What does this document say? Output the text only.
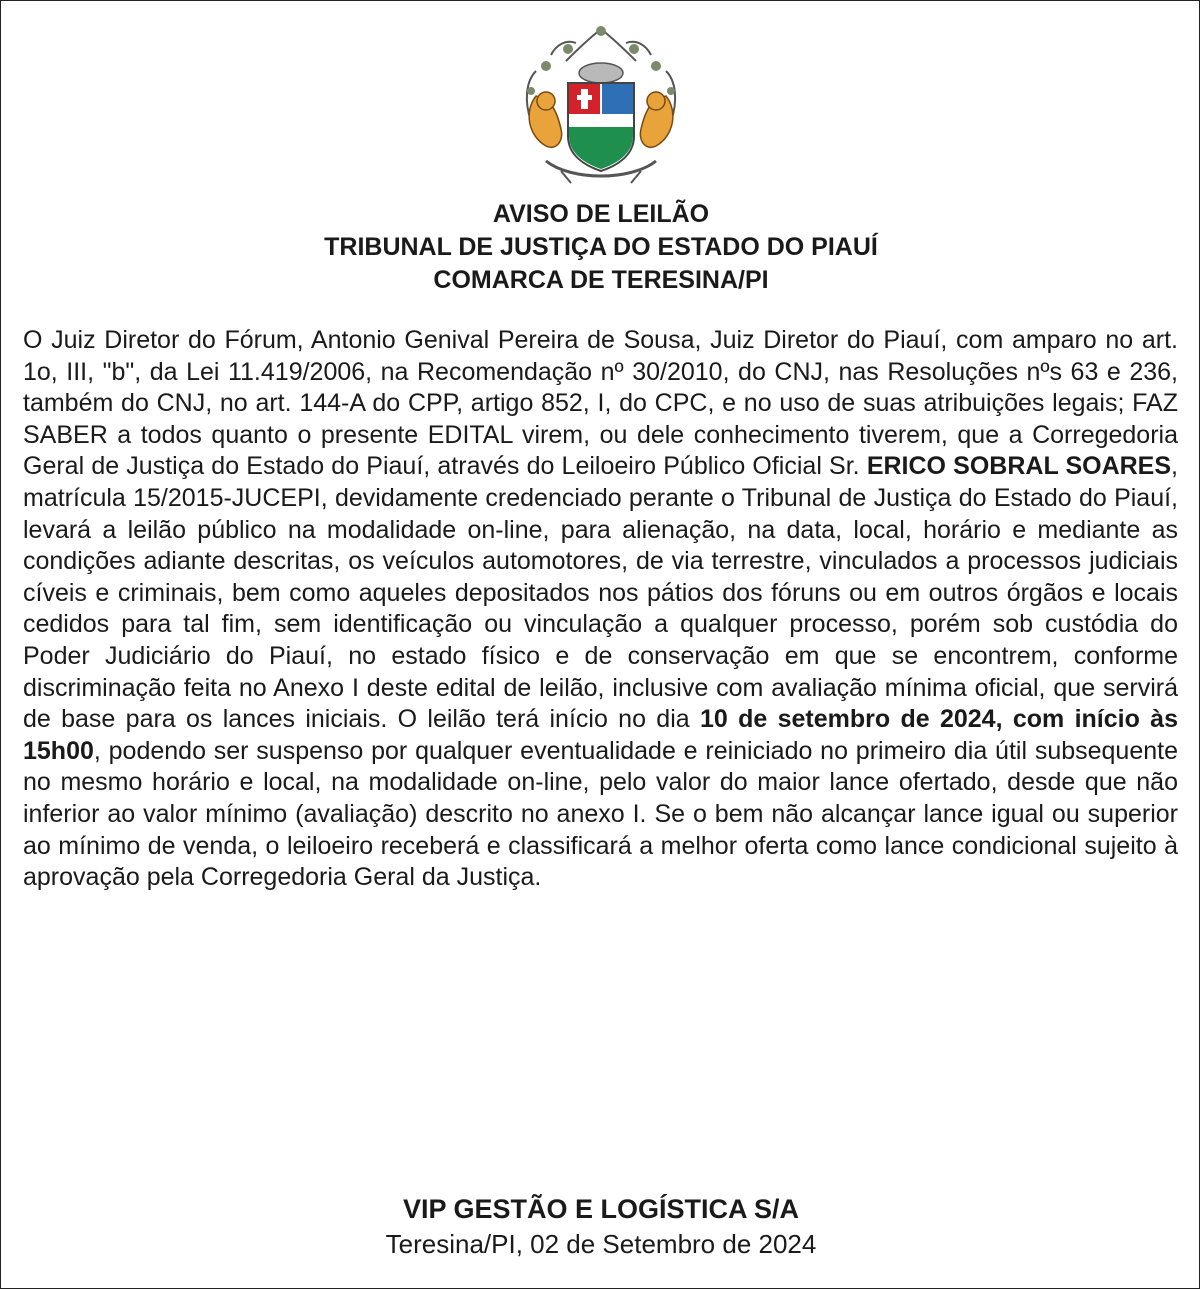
AVISO DE LEILÃO
TRIBUNAL DE JUSTIÇA DO ESTADO DO PIAUÍ
COMARCA DE TERESINA/PI

O Juiz Diretor do Fórum, Antonio Genival Pereira de Sousa, Juiz Diretor do Piauí, com amparo no art. 1o, III, "b", da Lei 11.419/2006, na Recomendação nº 30/2010, do CNJ, nas Resoluções nºs 63 e 236, também do CNJ, no art. 144-A do CPP, artigo 852, I, do CPC, e no uso de suas atribuições legais; FAZ SABER a todos quanto o presente EDITAL virem, ou dele conhecimento tiverem, que a Corregedoria Geral de Justiça do Estado do Piauí, através do Leiloeiro Público Oficial Sr. ERICO SOBRAL SOARES, matrícula 15/2015-JUCEPI, devidamente credenciado perante o Tribunal de Justiça do Estado do Piauí, levará a leilão público na modalidade on-line, para alienação, na data, local, horário e mediante as condições adiante descritas, os veículos automotores, de via terrestre, vinculados a processos judiciais cíveis e criminais, bem como aqueles depositados nos pátios dos fóruns ou em outros órgãos e locais cedidos para tal fim, sem identificação ou vinculação a qualquer processo, porém sob custódia do Poder Judiciário do Piauí, no estado físico e de conservação em que se encontrem, conforme discriminação feita no Anexo I deste edital de leilão, inclusive com avaliação mínima oficial, que servirá de base para os lances iniciais. O leilão terá início no dia 10 de setembro de 2024, com início às 15h00, podendo ser suspenso por qualquer eventualidade e reiniciado no primeiro dia útil subsequente no mesmo horário e local, na modalidade on-line, pelo valor do maior lance ofertado, desde que não inferior ao valor mínimo (avaliação) descrito no anexo I. Se o bem não alcançar lance igual ou superior ao mínimo de venda, o leiloeiro receberá e classificará a melhor oferta como lance condicional sujeito à aprovação pela Corregedoria Geral da Justiça.

VIP GESTÃO E LOGÍSTICA S/A
Teresina/PI, 02 de Setembro de 2024
